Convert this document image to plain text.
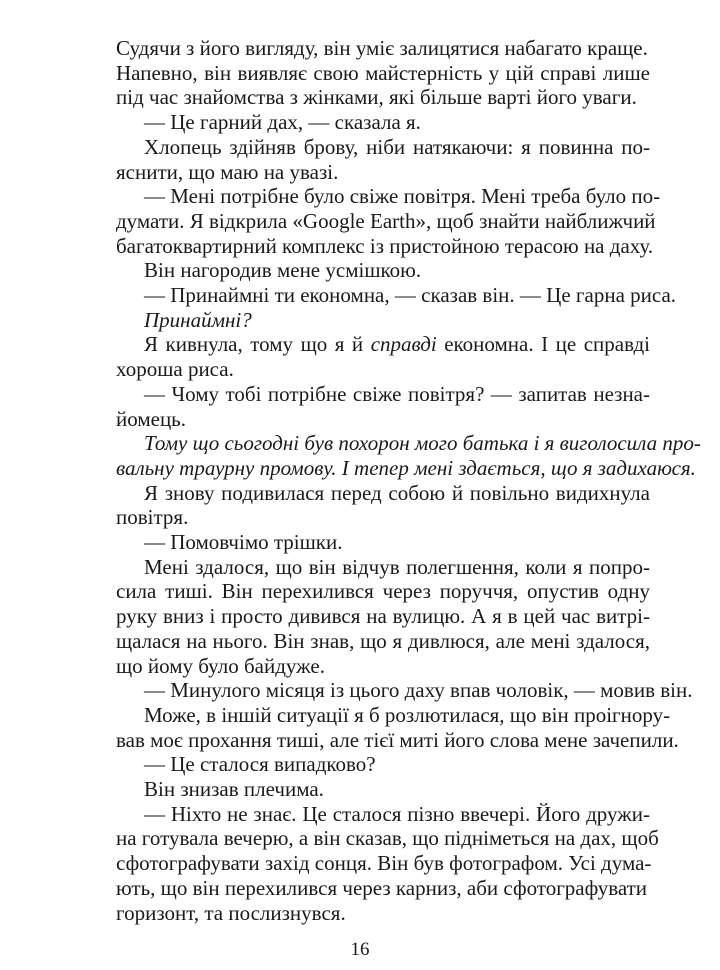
Судячи з його вигляду, він уміє залицятися набагато краще.
Напевно, він виявляє свою майстерність у цій справі лише
під час знайомства з жінками, які більше варті його уваги.
— Це гарний дах, — сказала я.
Хлопець здійняв брову, ніби натякаючи: я повинна по-
яснити, що маю на увазі.
— Мені потрібне було свіже повітря. Мені треба було по-
думати. Я відкрила «Google Earth», щоб знайти найближчий
багатоквартирний комплекс із пристойною терасою на даху.
Він нагородив мене усмішкою.
— Принаймні ти економна, — сказав він. — Це гарна риса.
Принаймні?
Я кивнула, тому що я й справді економна. І це справді
хороша риса.
— Чому тобі потрібне свіже повітря? — запитав незна-
йомець.
Тому що сьогодні був похорон мого батька і я виголосила про-
вальну траурну промову. І тепер мені здається, що я задихаюся.
Я знову подивилася перед собою й повільно видихнула
повітря.
— Помовчімо трішки.
Мені здалося, що він відчув полегшення, коли я попро-
сила тиші. Він перехилився через поруччя, опустив одну
руку вниз і просто дивився на вулицю. А я в цей час витрі-
щалася на нього. Він знав, що я дивлюся, але мені здалося,
що йому було байдуже.
— Минулого місяця із цього даху впав чоловік, — мовив він.
Може, в іншій ситуації я б розлютилася, що він проігнору-
вав моє прохання тиші, але тієї миті його слова мене зачепили.
— Це сталося випадково?
Він знизав плечима.
— Ніхто не знає. Це сталося пізно ввечері. Його дружи-
на готувала вечерю, а він сказав, що підніметься на дах, щоб
сфотографувати захід сонця. Він був фотографом. Усі дума-
16
ють, що він перехилився через карниз, аби сфотографувати
горизонт, та послизнувся.
